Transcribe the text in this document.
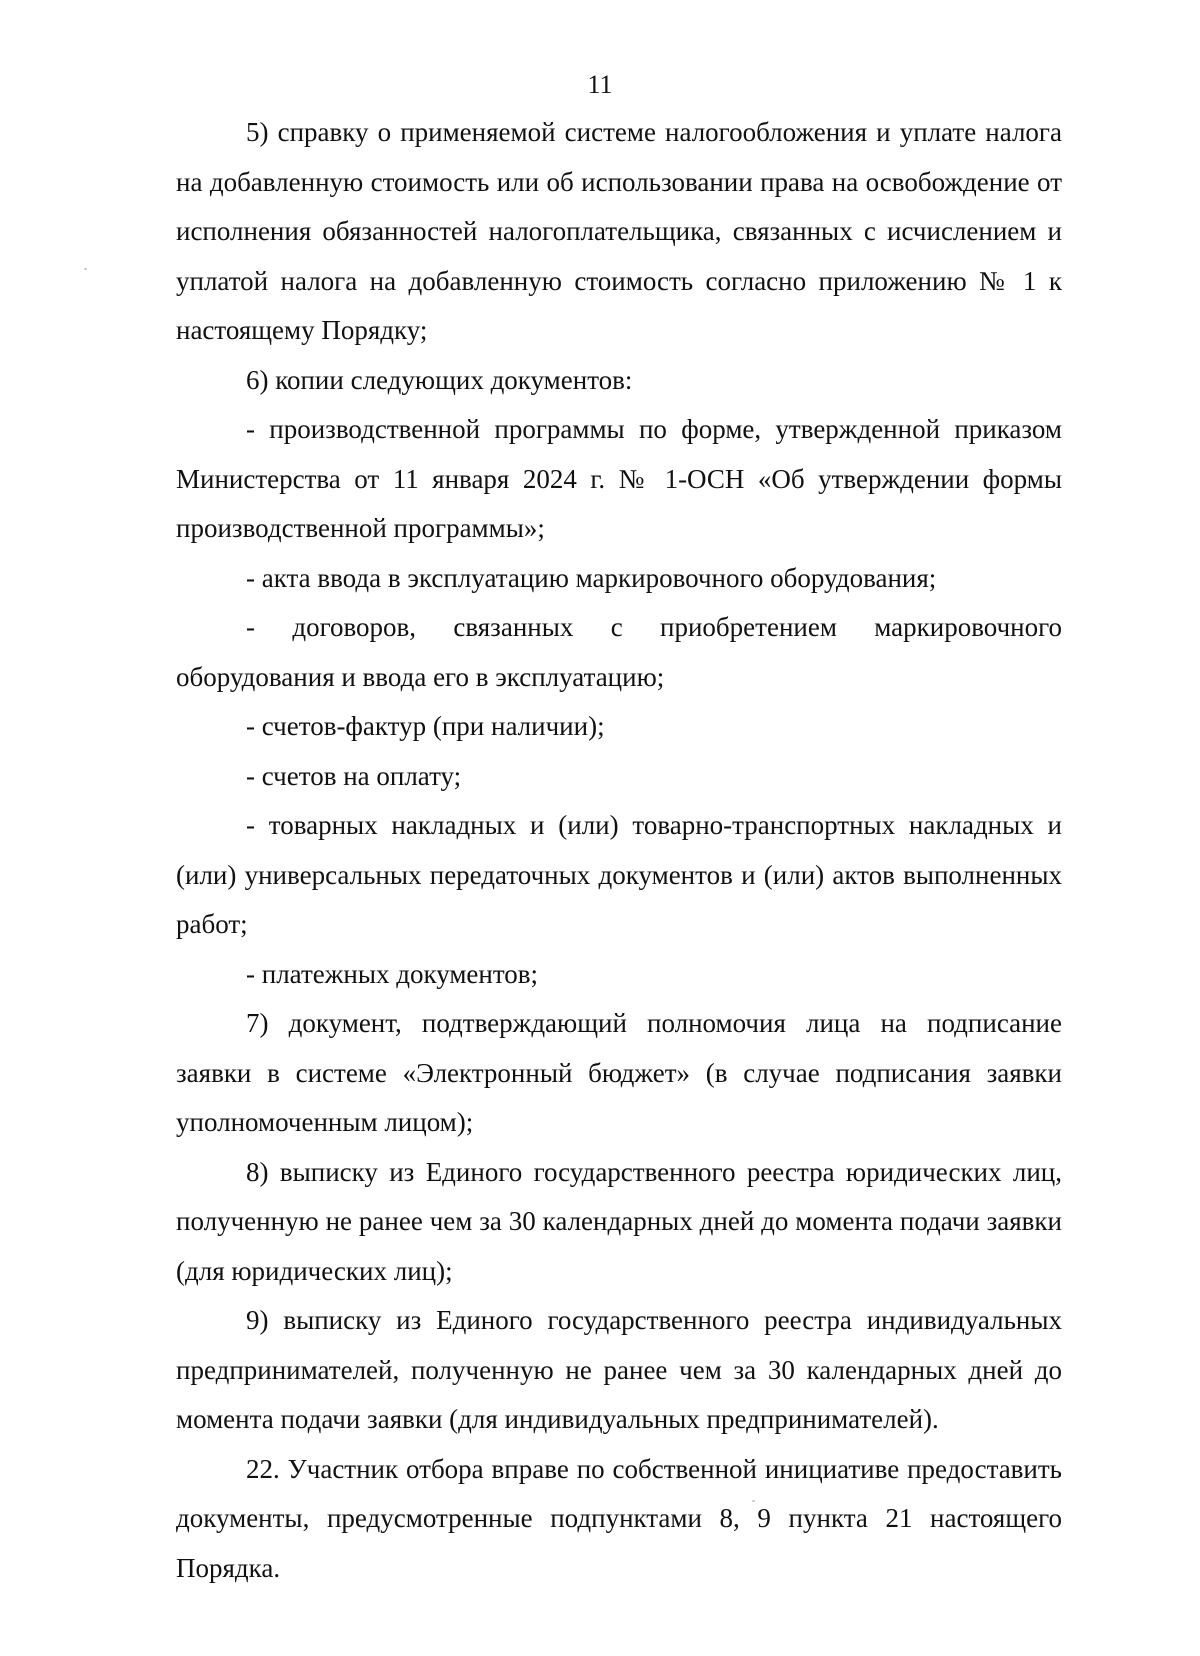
11

5) справку о применяемой системе налогообложения и уплате налога на добавленную стоимость или об использовании права на освобождение от исполнения обязанностей налогоплательщика, связанных с исчислением и уплатой налога на добавленную стоимость согласно приложению № 1 к настоящему Порядку;

6) копии следующих документов:

- производственной программы по форме, утвержденной приказом Министерства от 11 января 2024 г. № 1-ОСН «Об утверждении формы производственной программы»;

- акта ввода в эксплуатацию маркировочного оборудования;

- договоров, связанных с приобретением маркировочного оборудования и ввода его в эксплуатацию;

- счетов-фактур (при наличии);

- счетов на оплату;

- товарных накладных и (или) товарно-транспортных накладных и (или) универсальных передаточных документов и (или) актов выполненных работ;

- платежных документов;

7) документ, подтверждающий полномочия лица на подписание заявки в системе «Электронный бюджет» (в случае подписания заявки уполномоченным лицом);

8) выписку из Единого государственного реестра юридических лиц, полученную не ранее чем за 30 календарных дней до момента подачи заявки (для юридических лиц);

9) выписку из Единого государственного реестра индивидуальных предпринимателей, полученную не ранее чем за 30 календарных дней до момента подачи заявки (для индивидуальных предпринимателей).

22. Участник отбора вправе по собственной инициативе предоставить документы, предусмотренные подпунктами 8, 9 пункта 21 настоящего Порядка.
